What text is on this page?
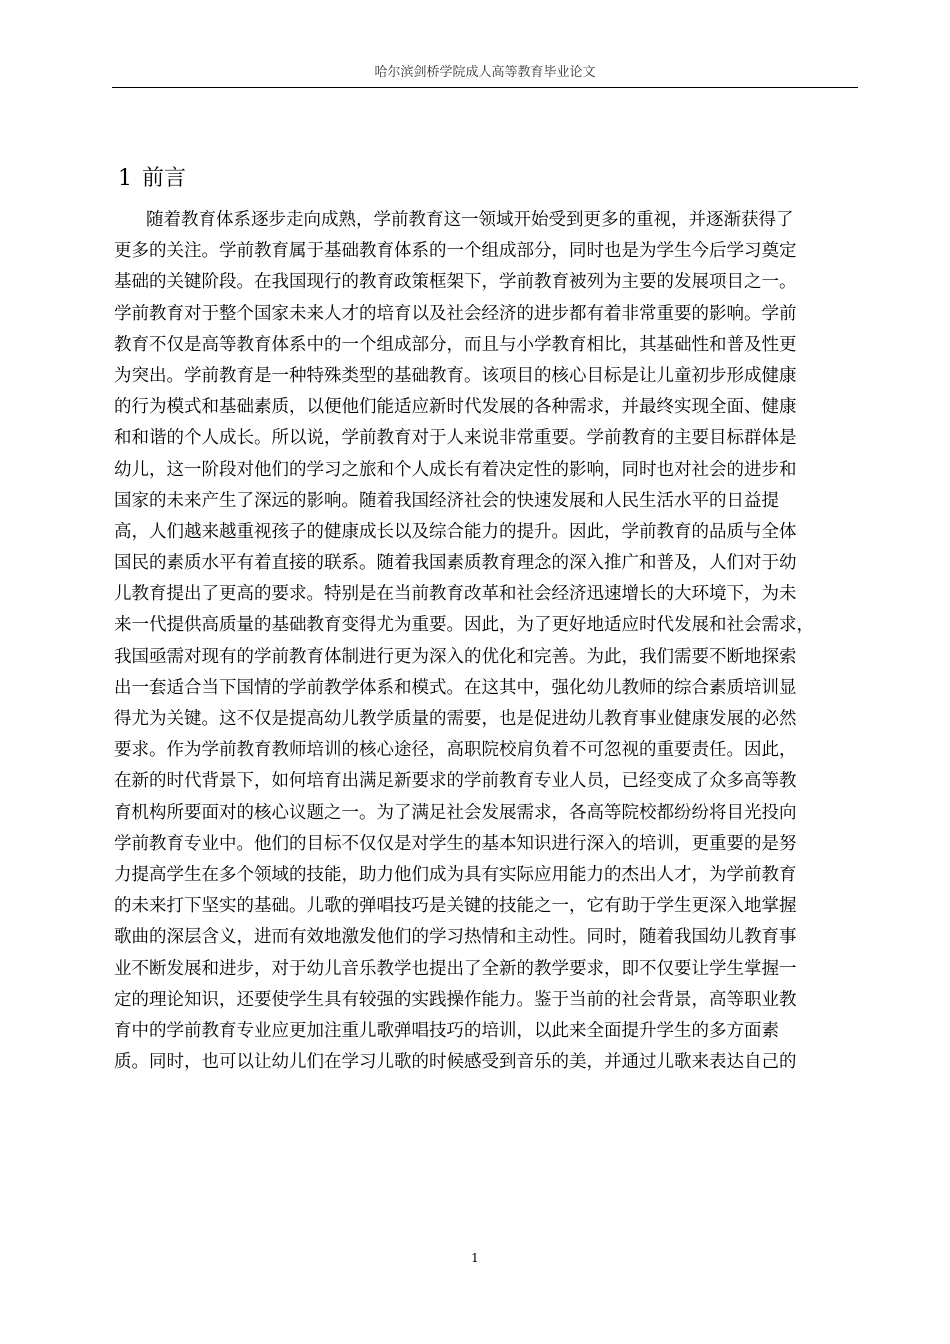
哈尔滨剑桥学院成人高等教育毕业论文
1 前言
随着教育体系逐步走向成熟，学前教育这一领域开始受到更多的重视，并逐渐获得了
更多的关注。学前教育属于基础教育体系的一个组成部分，同时也是为学生今后学习奠定
基础的关键阶段。在我国现行的教育政策框架下，学前教育被列为主要的发展项目之一。
学前教育对于整个国家未来人才的培育以及社会经济的进步都有着非常重要的影响。学前
教育不仅是高等教育体系中的一个组成部分，而且与小学教育相比，其基础性和普及性更
为突出。学前教育是一种特殊类型的基础教育。该项目的核心目标是让儿童初步形成健康
的行为模式和基础素质，以便他们能适应新时代发展的各种需求，并最终实现全面、健康
和和谐的个人成长。所以说，学前教育对于人来说非常重要。学前教育的主要目标群体是
幼儿，这一阶段对他们的学习之旅和个人成长有着决定性的影响，同时也对社会的进步和
国家的未来产生了深远的影响。随着我国经济社会的快速发展和人民生活水平的日益提
高，人们越来越重视孩子的健康成长以及综合能力的提升。因此，学前教育的品质与全体
国民的素质水平有着直接的联系。随着我国素质教育理念的深入推广和普及，人们对于幼
儿教育提出了更高的要求。特别是在当前教育改革和社会经济迅速增长的大环境下，为未
来一代提供高质量的基础教育变得尤为重要。因此，为了更好地适应时代发展和社会需求，
我国亟需对现有的学前教育体制进行更为深入的优化和完善。为此，我们需要不断地探索
出一套适合当下国情的学前教学体系和模式。在这其中，强化幼儿教师的综合素质培训显
得尤为关键。这不仅是提高幼儿教学质量的需要，也是促进幼儿教育事业健康发展的必然
要求。作为学前教育教师培训的核心途径，高职院校肩负着不可忽视的重要责任。因此，
在新的时代背景下，如何培育出满足新要求的学前教育专业人员，已经变成了众多高等教
育机构所要面对的核心议题之一。为了满足社会发展需求，各高等院校都纷纷将目光投向
学前教育专业中。他们的目标不仅仅是对学生的基本知识进行深入的培训，更重要的是努
力提高学生在多个领域的技能，助力他们成为具有实际应用能力的杰出人才，为学前教育
的未来打下坚实的基础。儿歌的弹唱技巧是关键的技能之一，它有助于学生更深入地掌握
歌曲的深层含义，进而有效地激发他们的学习热情和主动性。同时，随着我国幼儿教育事
业不断发展和进步，对于幼儿音乐教学也提出了全新的教学要求，即不仅要让学生掌握一
定的理论知识，还要使学生具有较强的实践操作能力。鉴于当前的社会背景，高等职业教
育中的学前教育专业应更加注重儿歌弹唱技巧的培训，以此来全面提升学生的多方面素
质。同时，也可以让幼儿们在学习儿歌的时候感受到音乐的美，并通过儿歌来表达自己的
1
